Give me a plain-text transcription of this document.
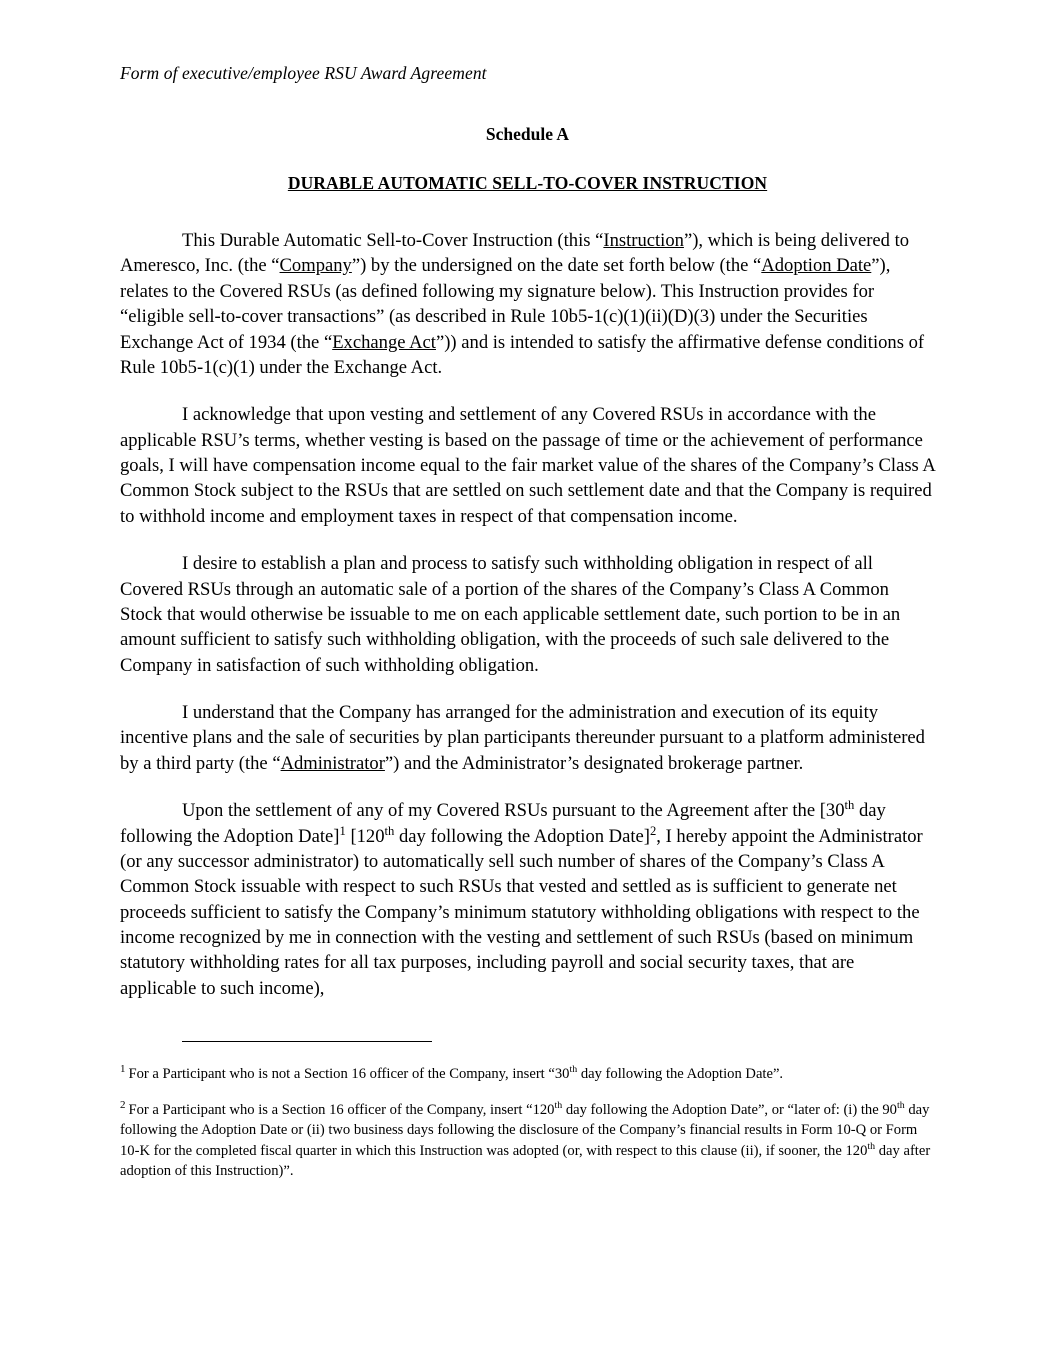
Form of executive/employee RSU Award Agreement
Schedule A
DURABLE AUTOMATIC SELL-TO-COVER INSTRUCTION

This Durable Automatic Sell-to-Cover Instruction (this “Instruction”), which is being delivered to Ameresco, Inc. (the “Company”) by the undersigned on the date set forth below (the “Adoption Date”), relates to the Covered RSUs (as defined following my signature below). This Instruction provides for “eligible sell-to-cover transactions” (as described in Rule 10b5-1(c)(1)(ii)(D)(3) under the Securities Exchange Act of 1934 (the “Exchange Act”)) and is intended to satisfy the affirmative defense conditions of Rule 10b5-1(c)(1) under the Exchange Act.

I acknowledge that upon vesting and settlement of any Covered RSUs in accordance with the applicable RSU’s terms, whether vesting is based on the passage of time or the achievement of performance goals, I will have compensation income equal to the fair market value of the shares of the Company’s Class A Common Stock subject to the RSUs that are settled on such settlement date and that the Company is required to withhold income and employment taxes in respect of that compensation income.

I desire to establish a plan and process to satisfy such withholding obligation in respect of all Covered RSUs through an automatic sale of a portion of the shares of the Company’s Class A Common Stock that would otherwise be issuable to me on each applicable settlement date, such portion to be in an amount sufficient to satisfy such withholding obligation, with the proceeds of such sale delivered to the Company in satisfaction of such withholding obligation.

I understand that the Company has arranged for the administration and execution of its equity incentive plans and the sale of securities by plan participants thereunder pursuant to a platform administered by a third party (the “Administrator”) and the Administrator’s designated brokerage partner.

Upon the settlement of any of my Covered RSUs pursuant to the Agreement after the [30th day following the Adoption Date]$^1$ [120th day following the Adoption Date]$^2$, I hereby appoint the Administrator (or any successor administrator) to automatically sell such number of shares of the Company’s Class A Common Stock issuable with respect to such RSUs that vested and settled as is sufficient to generate net proceeds sufficient to satisfy the Company’s minimum statutory withholding obligations with respect to the income recognized by me in connection with the vesting and settlement of such RSUs (based on minimum statutory withholding rates for all tax purposes, including payroll and social security taxes, that are applicable to such income),

$^1$ For a Participant who is not a Section 16 officer of the Company, insert “30th day following the Adoption Date”.

$^2$ For a Participant who is a Section 16 officer of the Company, insert “120th day following the Adoption Date”, or “later of: (i) the 90th day following the Adoption Date or (ii) two business days following the disclosure of the Company’s financial results in Form 10-Q or Form 10-K for the completed fiscal quarter in which this Instruction was adopted (or, with respect to this clause (ii), if sooner, the 120th day after adoption of this Instruction)”.
